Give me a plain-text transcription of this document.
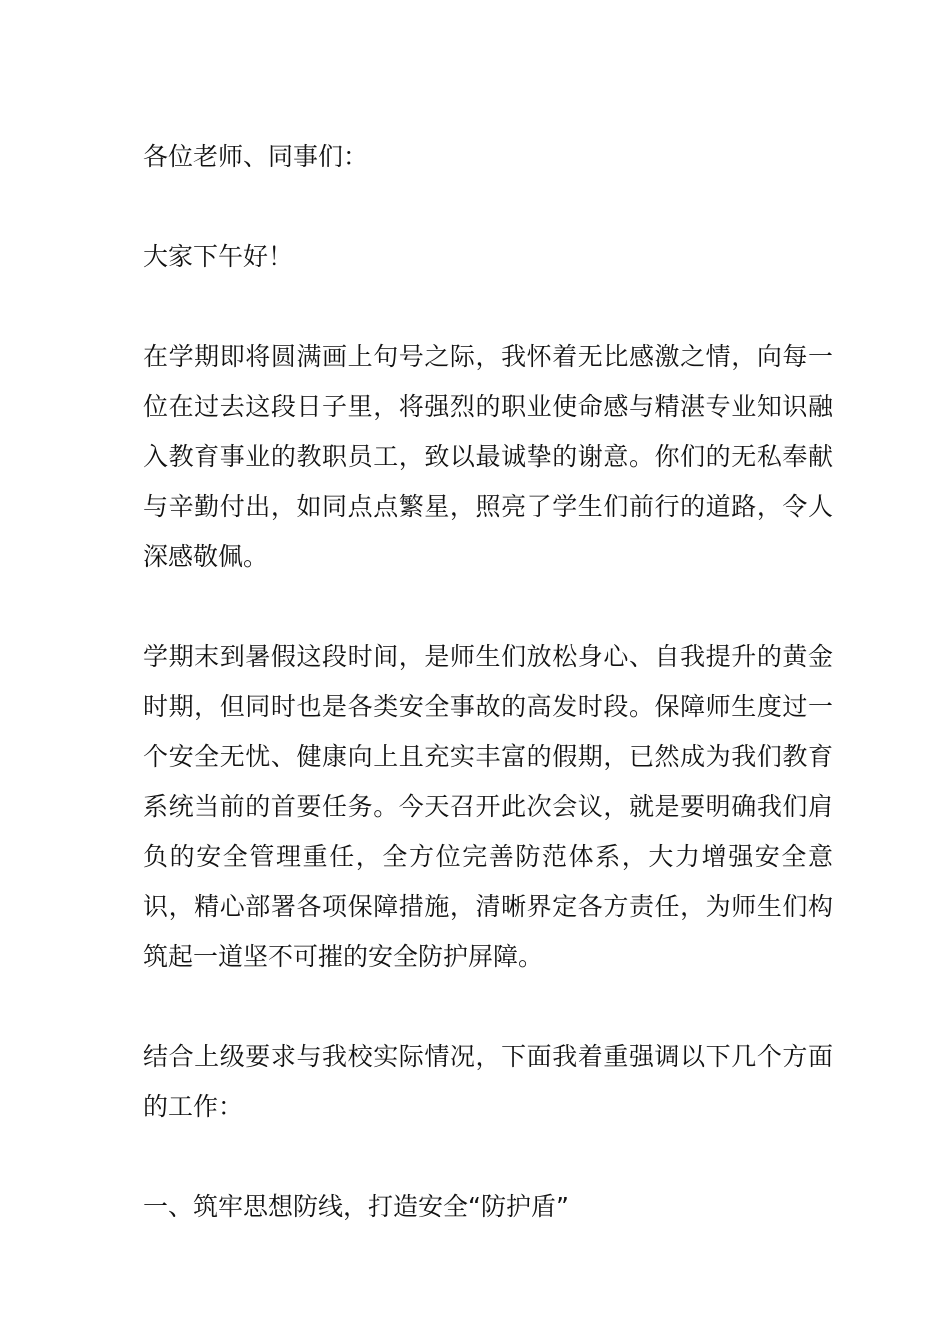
各位老师、同事们：

大家下午好！

在学期即将圆满画上句号之际，我怀着无比感激之情，向每一位在过去这段日子里，将强烈的职业使命感与精湛专业知识融入教育事业的教职员工，致以最诚挚的谢意。你们的无私奉献与辛勤付出，如同点点繁星，照亮了学生们前行的道路，令人深感敬佩。

学期末到暑假这段时间，是师生们放松身心、自我提升的黄金时期，但同时也是各类安全事故的高发时段。保障师生度过一个安全无忧、健康向上且充实丰富的假期，已然成为我们教育系统当前的首要任务。今天召开此次会议，就是要明确我们肩负的安全管理重任，全方位完善防范体系，大力增强安全意识，精心部署各项保障措施，清晰界定各方责任，为师生们构筑起一道坚不可摧的安全防护屏障。

结合上级要求与我校实际情况，下面我着重强调以下几个方面的工作：

一、筑牢思想防线，打造安全“防护盾”
